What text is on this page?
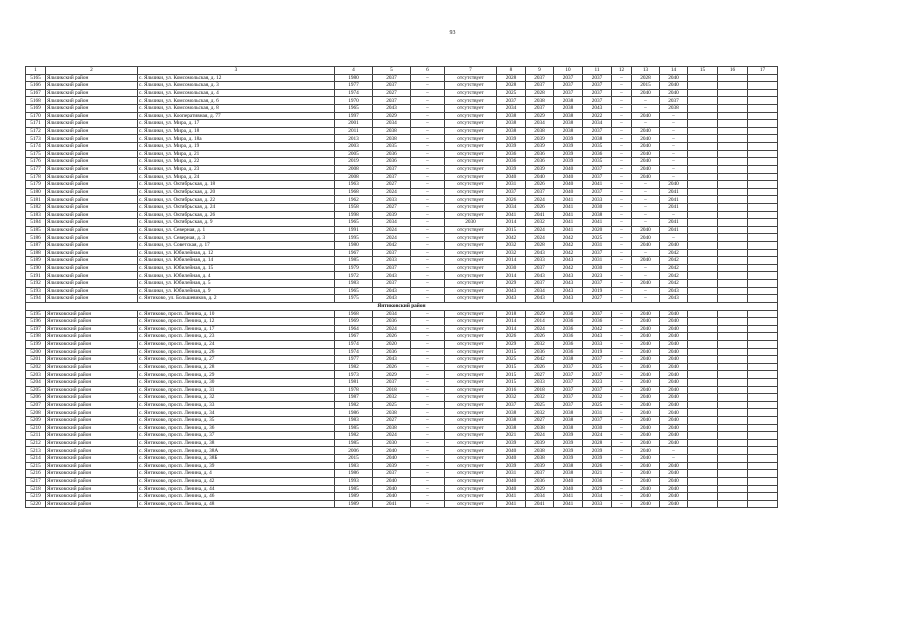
93
1	2	3	4	5	6	7	8	9	10	11	12	13	14	15	16	17
5165	Яльчикский район	с. Яльчики, ул. Комсомольская, д. 12	1980	2037	–	отсутствует	2028	2037	2037	2037	–	2028	2040			
5166	Яльчикский район	с. Яльчики, ул. Комсомольская, д. 3	1977	2037	–	отсутствует	2028	2037	2037	2037	–	2015	2040			
5167	Яльчикский район	с. Яльчики, ул. Комсомольская, д. 4	1974	2027	–	отсутствует	2025	2028	2037	2037	–	2040	2040			
5168	Яльчикский район	с. Яльчики, ул. Комсомольская, д. 6	1970	2037	–	отсутствует	2037	2038	2038	2037	–	–	2037			
5169	Яльчикский район	с. Яльчики, ул. Комсомольская, д. 8	1965	2043	–	отсутствует	2034	2037	2038	2043	–	–	2038			
5170	Яльчикский район	с. Яльчики, ул. Кооперативная, д. 77	1997	2029	–	отсутствует	2038	2029	2038	2022	–	2040	–			
5171	Яльчикский район	с. Яльчики, ул. Мира, д. 17	2001	2034	–	отсутствует	2038	2034	2038	2034	–	–	–			
5172	Яльчикский район	с. Яльчики, ул. Мира, д. 18	2011	2038	–	отсутствует	2038	2038	2038	2037	–	2040	–			
5173	Яльчикский район	с. Яльчики, ул. Мира, д. 18а	2013	2038	–	отсутствует	2039	2039	2039	2038	–	2040	–			
5174	Яльчикский район	с. Яльчики, ул. Мира, д. 19	2003	2035	–	отсутствует	2039	2039	2039	2035	–	2040	–			
5175	Яльчикский район	с. Яльчики, ул. Мира, д. 21	2005	2036	–	отсутствует	2036	2036	2039	2036	–	2040	–			
5176	Яльчикский район	с. Яльчики, ул. Мира, д. 22	2019	2036	–	отсутствует	2036	2036	2039	2035	–	2040	–			
5177	Яльчикский район	с. Яльчики, ул. Мира, д. 23	2008	2037	–	отсутствует	2039	2039	2040	2037	–	2040	–			
5178	Яльчикский район	с. Яльчики, ул. Мира, д. 24	2008	2037	–	отсутствует	2040	2040	2040	2037	–	2040	–			
5179	Яльчикский район	с. Яльчики, ул. Октябрьская, д. 18	1963	2027	–	отсутствует	2031	2026	2040	2041	–	–	2040			
5180	Яльчикский район	с. Яльчики, ул. Октябрьская, д. 20	1968	2024	–	отсутствует	2037	2037	2040	2037	–	–	2041			
5181	Яльчикский район	с. Яльчики, ул. Октябрьская, д. 22	1962	2033	–	отсутствует	2026	2024	2041	2033	–	–	2041			
5182	Яльчикский район	с. Яльчики, ул. Октябрьская, д. 24	1958	2027	–	отсутствует	2034	2026	2041	2030	–	–	2041			
5183	Яльчикский район	с. Яльчики, ул. Октябрьская, д. 26	1998	2039	–	отсутствует	2041	2041	2041	2038	–	–	–			
5184	Яльчикский район	с. Яльчики, ул. Октябрьская, д. 9	1965	2034	–	2030	2014	2032	2041	2041	–	–	2041			
5185	Яльчикский район	с. Яльчики, ул. Северная, д. 1	1991	2024	–	отсутствует	2015	2024	2041	2020	–	2040	2041			
5186	Яльчикский район	с. Яльчики, ул. Северная, д. 3	1995	2024	–	отсутствует	2042	2024	2042	2025	–	2040	–			
5187	Яльчикский район	с. Яльчики, ул. Советская, д. 17	1980	2042	–	отсутствует	2032	2028	2042	2031	–	2040	2040			
5188	Яльчикский район	с. Яльчики, ул. Юбилейная, д. 12	1967	2037	–	отсутствует	2032	2043	2042	2037	–	–	2042			
5189	Яльчикский район	с. Яльчики, ул. Юбилейная, д. 14	1985	2033	–	отсутствует	2014	2033	2043	2031	–	2040	2042			
5190	Яльчикский район	с. Яльчики, ул. Юбилейная, д. 15	1979	2037	–	отсутствует	2030	2037	2042	2030	–	–	2042			
5191	Яльчикский район	с. Яльчики, ул. Юбилейная, д. 4	1972	2043	–	отсутствует	2014	2043	2043	2023	–	–	2042			
5192	Яльчикский район	с. Яльчики, ул. Юбилейная, д. 5	1983	2037	–	отсутствует	2029	2037	2043	2037	–	2040	2042			
5193	Яльчикский район	с. Яльчики, ул. Юбилейная, д. 9	1965	2043	–	отсутствует	2043	2034	2043	2019	–	–	2043			
5194	Яльчикский район	с. Янтиково, ул. Большевиков, д. 2	1975	2043	–	отсутствует	2043	2043	2043	2027	–	–	2043			
Янтиковский район																
5195	Янтиковский район	с. Янтиково, просп. Ленина, д. 10	1968	2034	–	отсутствует	2018	2029	2036	2037	–	2040	2040			
5196	Янтиковский район	с. Янтиково, просп. Ленина, д. 12	1969	2036	–	отсутствует	2014	2014	2036	2036	–	2040	2040			
5197	Янтиковский район	с. Янтиково, просп. Ленина, д. 17	1964	2024	–	отсутствует	2014	2024	2036	2042	–	2040	2040			
5198	Янтиковский район	с. Янтиково, просп. Ленина, д. 23	1967	2026	–	отсутствует	2026	2026	2036	2043	–	2040	2040			
5199	Янтиковский район	с. Янтиково, просп. Ленина, д. 24	1974	2020	–	отсутствует	2029	2032	2036	2033	–	2040	2040			
5200	Янтиковский район	с. Янтиково, просп. Ленина, д. 26	1974	2036	–	отсутствует	2015	2036	2036	2019	–	2040	2040			
5201	Янтиковский район	с. Янтиково, просп. Ленина, д. 27	1977	2043	–	отсутствует	2025	2042	2038	2037	–	2040	2040			
5202	Янтиковский район	с. Янтиково, просп. Ленина, д. 28	1982	2026	–	отсутствует	2015	2026	2037	2025	–	2040	2040			
5203	Янтиковский район	с. Янтиково, просп. Ленина, д. 29	1973	2029	–	отсутствует	2015	2027	2037	2037	–	2040	2040			
5204	Янтиковский район	с. Янтиково, просп. Ленина, д. 30	1981	2037	–	отсутствует	2015	2033	2037	2023	–	2040	2040			
5205	Янтиковский район	с. Янтиково, просп. Ленина, д. 31	1978	2018	–	отсутствует	2016	2018	2037	2037	–	2040	2040			
5206	Янтиковский район	с. Янтиково, просп. Ленина, д. 32	1987	2032	–	отсутствует	2032	2032	2037	2032	–	2040	2040			
5207	Янтиковский район	с. Янтиково, просп. Ленина, д. 33	1982	2025	–	отсутствует	2037	2025	2037	2025	–	2040	2040			
5208	Янтиковский район	с. Янтиково, просп. Ленина, д. 34	1986	2038	–	отсутствует	2038	2032	2038	2031	–	2040	2040			
5209	Янтиковский район	с. Янтиково, просп. Ленина, д. 35	1983	2027	–	отсутствует	2038	2027	2038	2037	–	2040	2040			
5210	Янтиковский район	с. Янтиково, просп. Ленина, д. 36	1985	2038	–	отсутствует	2038	2038	2038	2030	–	2040	2040			
5211	Янтиковский район	с. Янтиково, просп. Ленина, д. 37	1982	2024	–	отсутствует	2021	2024	2039	2024	–	2040	2040			
5212	Янтиковский район	с. Янтиково, просп. Ленина, д. 38	1985	2030	–	отсутствует	2039	2039	2039	2028	–	2040	2040			
5213	Янтиковский район	с. Янтиково, просп. Ленина, д. 38А	2006	2040	–	отсутствует	2040	2038	2039	2039	–	2040	–			
5214	Янтиковский район	с. Янтиково, просп. Ленина, д. 38Б	2015	2040	–	отсутствует	2040	2038	2039	2039	–	2040	–			
5215	Янтиковский район	с. Янтиково, просп. Ленина, д. 39	1983	2039	–	отсутствует	2039	2039	2038	2026	–	2040	2040			
5216	Янтиковский район	с. Янтиково, просп. Ленина, д. 4	1986	2037	–	отсутствует	2031	2037	2038	2021	–	2040	2040			
5217	Янтиковский район	с. Янтиково, просп. Ленина, д. 42	1993	2040	–	отсутствует	2040	2036	2040	2036	–	2040	2040			
5218	Янтиковский район	с. Янтиково, просп. Ленина, д. 44	1985	2040	–	отсутствует	2040	2029	2040	2029	–	2040	2040			
5219	Янтиковский район	с. Янтиково, просп. Ленина, д. 46	1989	2040	–	отсутствует	2041	2034	2041	2034	–	2040	2040			
5220	Янтиковский район	с. Янтиково, просп. Ленина, д. 48	1989	2041	–	отсутствует	2041	2041	2041	2033	–	2040	2040			
